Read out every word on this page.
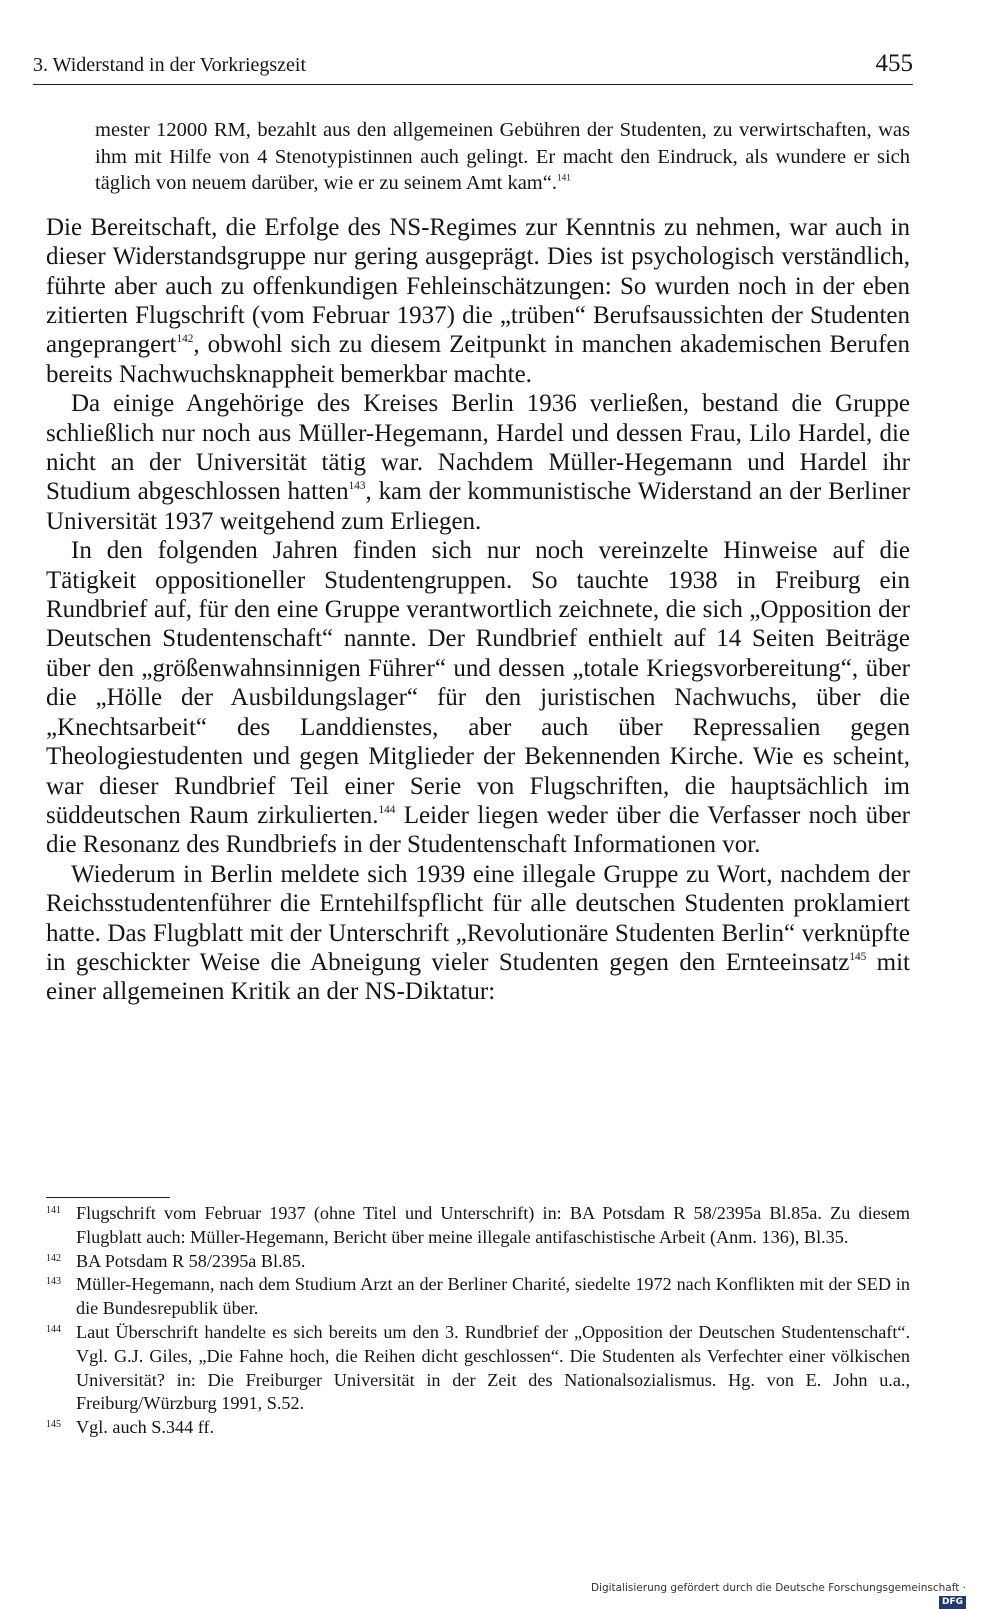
3. Widerstand in der Vorkriegszeit	455

mester 12000 RM, bezahlt aus den allgemeinen Gebühren der Studenten, zu verwirtschaften, was ihm mit Hilfe von 4 Stenotypistinnen auch gelingt. Er macht den Eindruck, als wundere er sich täglich von neuem darüber, wie er zu seinem Amt kam“.$^{141}$

Die Bereitschaft, die Erfolge des NS-Regimes zur Kenntnis zu nehmen, war auch in dieser Widerstandsgruppe nur gering ausgeprägt. Dies ist psychologisch verständlich, führte aber auch zu offenkundigen Fehleinschätzungen: So wurden noch in der eben zitierten Flugschrift (vom Februar 1937) die „trüben“ Berufsaussichten der Studenten angeprangert$^{142}$, obwohl sich zu diesem Zeitpunkt in manchen akademischen Berufen bereits Nachwuchsknappheit bemerkbar machte.

Da einige Angehörige des Kreises Berlin 1936 verließen, bestand die Gruppe schließlich nur noch aus Müller-Hegemann, Hardel und dessen Frau, Lilo Hardel, die nicht an der Universität tätig war. Nachdem Müller-Hegemann und Hardel ihr Studium abgeschlossen hatten$^{143}$, kam der kommunistische Widerstand an der Berliner Universität 1937 weitgehend zum Erliegen.

In den folgenden Jahren finden sich nur noch vereinzelte Hinweise auf die Tätigkeit oppositioneller Studentengruppen. So tauchte 1938 in Freiburg ein Rundbrief auf, für den eine Gruppe verantwortlich zeichnete, die sich „Opposition der Deutschen Studentenschaft“ nannte. Der Rundbrief enthielt auf 14 Seiten Beiträge über den „größenwahnsinnigen Führer“ und dessen „totale Kriegsvorbereitung“, über die „Hölle der Ausbildungslager“ für den juristischen Nachwuchs, über die „Knechtsarbeit“ des Landdienstes, aber auch über Repressalien gegen Theologiestudenten und gegen Mitglieder der Bekennenden Kirche. Wie es scheint, war dieser Rundbrief Teil einer Serie von Flugschriften, die hauptsächlich im süddeutschen Raum zirkulierten.$^{144}$ Leider liegen weder über die Verfasser noch über die Resonanz des Rundbriefs in der Studentenschaft Informationen vor.

Wiederum in Berlin meldete sich 1939 eine illegale Gruppe zu Wort, nachdem der Reichsstudentenführer die Erntehilfspflicht für alle deutschen Studenten proklamiert hatte. Das Flugblatt mit der Unterschrift „Revolutionäre Studenten Berlin“ verknüpfte in geschickter Weise die Abneigung vieler Studenten gegen den Ernteeinsatz$^{145}$ mit einer allgemeinen Kritik an der NS-Diktatur:

141 Flugschrift vom Februar 1937 (ohne Titel und Unterschrift) in: BA Potsdam R 58/2395a Bl.85a. Zu diesem Flugblatt auch: Müller-Hegemann, Bericht über meine illegale antifaschistische Arbeit (Anm. 136), Bl.35.
142 BA Potsdam R 58/2395a Bl.85.
143 Müller-Hegemann, nach dem Studium Arzt an der Berliner Charité, siedelte 1972 nach Konflikten mit der SED in die Bundesrepublik über.
144 Laut Überschrift handelte es sich bereits um den 3. Rundbrief der „Opposition der Deutschen Studentenschaft“. Vgl. G.J. Giles, „Die Fahne hoch, die Reihen dicht geschlossen“. Die Studenten als Verfechter einer völkischen Universität? in: Die Freiburger Universität in der Zeit des Nationalsozialismus. Hg. von E. John u.a., Freiburg/Würzburg 1991, S.52.
145 Vgl. auch S.344 ff.
Digitalisierung gefördert durch die Deutsche Forschungsgemeinschaft ·DFG
